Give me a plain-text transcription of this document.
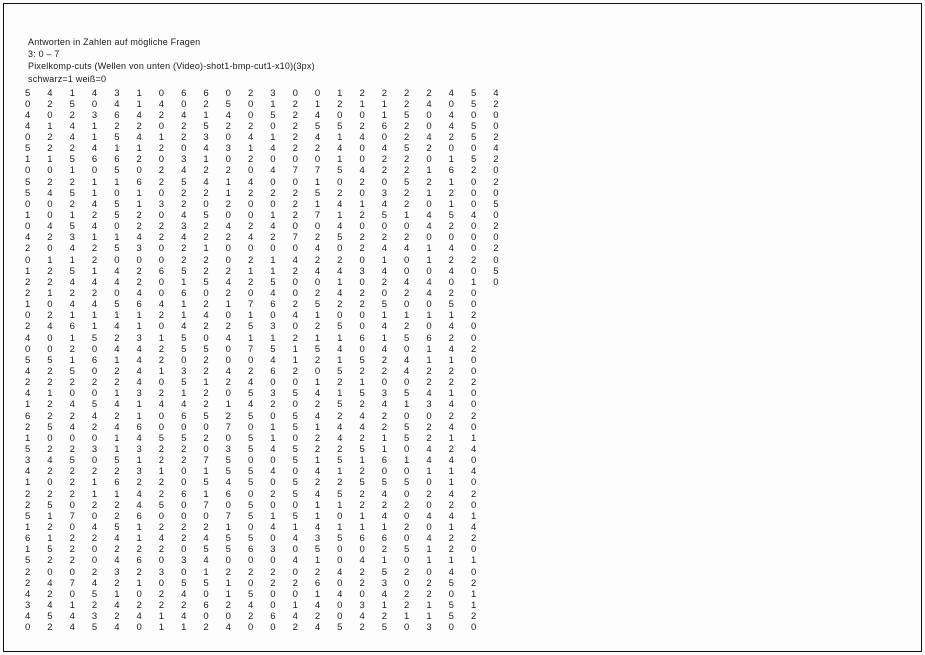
Antworten in Zahlen auf mögliche Fragen
3: 0 – 7
Pixelkomp-cuts (Wellen von unten (Video)-shot1-bmp-cut1-x10)(3px)
schwarz=1 weiß=0
5	4	1	4	3	1	0	6	6	0	2	3	0	0	1	2	2	2	2	4	5	4
0	2	5	0	4	1	4	0	2	5	0	1	2	1	2	1	1	2	4	0	5	2
4	0	2	3	6	4	2	4	1	4	0	5	2	4	0	0	1	5	0	4	0	0
4	1	4	1	2	2	0	2	5	2	2	0	2	5	5	2	6	2	0	4	5	0
0	2	4	1	5	4	1	2	3	0	4	1	2	4	1	4	0	2	4	2	5	2
5	2	2	4	1	1	2	0	4	3	1	4	2	2	4	0	4	5	2	0	0	4
1	1	5	6	6	2	0	3	1	0	2	0	0	0	1	0	2	2	0	1	5	2
0	0	1	0	5	0	2	4	2	2	0	4	7	7	5	4	2	2	1	6	2	0
5	2	2	1	1	6	2	5	4	1	4	0	0	1	0	2	0	5	2	1	0	2
5	4	5	1	0	1	0	2	2	1	2	2	2	5	2	0	3	2	1	2	0	0
0	0	2	4	5	1	3	2	0	2	0	0	2	1	4	1	4	2	0	1	0	5
1	0	1	2	5	2	0	4	5	0	0	1	2	7	1	2	5	1	4	5	4	0
0	4	5	4	0	2	2	3	2	4	2	4	0	0	4	0	0	0	4	2	0	2
4	2	3	1	1	4	2	4	2	2	4	2	7	2	5	2	2	2	0	0	0	0
2	0	4	2	5	3	0	2	1	0	0	0	0	4	0	2	4	4	1	4	0	2
0	1	1	2	0	0	0	2	2	0	2	1	4	2	2	0	1	0	1	2	2	0
1	2	5	1	4	2	6	5	2	2	1	1	2	4	4	3	4	0	0	4	0	5
2	2	4	4	4	2	0	1	5	4	2	5	0	0	1	0	2	4	4	0	1	0
2	1	2	2	0	4	0	6	0	2	0	4	0	2	4	2	0	2	4	2	0
1	0	4	4	5	6	4	1	2	1	7	6	2	5	2	2	5	0	0	5	0
0	2	1	1	1	1	2	1	4	0	1	0	4	1	0	0	1	1	1	1	2
2	4	6	1	4	1	0	4	2	2	5	3	0	2	5	0	4	2	0	4	0
4	0	1	5	2	3	1	5	0	4	1	1	2	1	1	6	1	5	6	2	0
0	0	2	0	4	4	2	5	5	0	7	5	1	5	4	0	4	0	1	4	2
5	5	1	6	1	4	2	0	2	0	0	4	1	2	1	5	2	4	1	1	0
4	2	5	0	2	4	1	3	2	4	2	6	2	0	5	2	2	4	2	2	0
2	2	2	2	2	4	0	5	1	2	4	0	0	1	2	1	0	0	2	2	2
4	1	0	0	1	3	2	1	2	0	5	3	5	4	1	5	3	5	4	1	0
1	2	4	5	4	1	4	4	2	1	4	2	0	2	5	2	4	1	3	4	0
6	2	2	4	2	1	0	6	5	2	5	0	5	4	2	4	2	0	0	2	2
2	5	4	2	4	6	0	0	0	7	0	1	5	1	4	4	2	5	2	4	0
1	0	0	0	1	4	5	5	2	0	5	1	0	2	4	2	1	5	2	1	1
5	2	2	3	1	3	2	2	0	3	5	4	5	2	2	5	1	0	4	2	4
3	4	5	0	5	1	2	2	7	5	0	0	5	1	5	1	6	1	4	4	0
4	2	2	2	2	3	1	0	1	5	5	4	0	4	1	2	0	0	1	1	4
1	0	2	1	6	2	2	0	5	4	5	0	5	2	2	5	5	5	0	1	0
2	2	2	1	1	4	2	6	1	6	0	2	5	4	5	2	4	0	2	4	2
2	5	0	2	2	4	5	0	7	0	5	0	0	1	1	2	2	2	0	2	0
5	1	7	0	2	6	0	0	0	7	5	1	5	1	0	1	4	0	4	4	1
1	2	0	4	5	1	2	2	2	1	0	4	1	4	1	1	1	2	0	1	4
6	1	2	2	4	1	4	2	4	5	5	0	4	3	5	6	6	0	4	2	2
1	5	2	0	2	2	2	0	5	5	6	3	0	5	0	0	2	5	1	2	0
5	2	2	0	4	6	0	3	4	0	0	0	4	1	0	4	1	0	1	1	1
2	0	0	2	3	2	3	0	1	2	2	2	0	2	4	2	5	2	0	4	0
2	4	7	4	2	1	0	5	5	1	0	2	2	6	0	2	3	0	2	5	2
4	2	0	5	1	0	2	4	0	1	5	0	0	1	4	0	4	2	2	0	1
3	4	1	2	4	2	2	2	6	2	4	0	1	4	0	3	1	2	1	5	1
4	5	4	3	2	4	1	4	0	0	2	6	4	2	0	4	2	1	1	5	2
0	2	4	5	4	0	1	1	2	4	0	0	2	4	5	2	5	0	3	0	0
